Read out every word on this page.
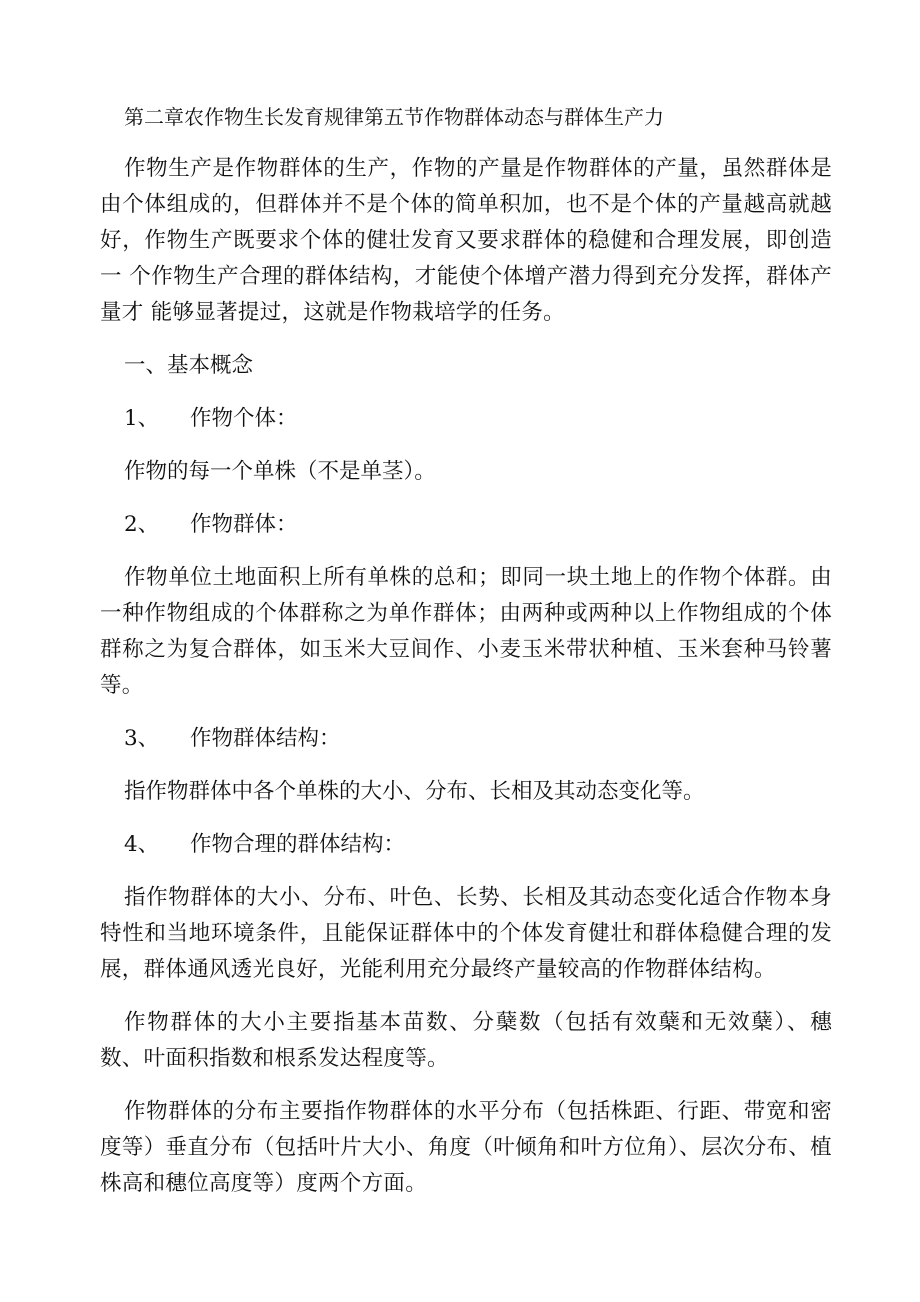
第二章农作物生长发育规律第五节作物群体动态与群体生产力

作物生产是作物群体的生产，作物的产量是作物群体的产量，虽然群体是由个体组成的，但群体并不是个体的简单积加，也不是个体的产量越高就越 好，作物生产既要求个体的健壮发育又要求群体的稳健和合理发展，即创造一 个作物生产合理的群体结构，才能使个体增产潜力得到充分发挥，群体产量才 能够显著提过，这就是作物栽培学的任务。

一、基本概念
1、 作物个体：
作物的每一个单株（不是单茎）。
2、 作物群体：

作物单位土地面积上所有单株的总和；即同一块土地上的作物个体群。由一种作物组成的个体群称之为单作群体；由两种或两种以上作物组成的个体群称之为复合群体，如玉米大豆间作、小麦玉米带状种植、玉米套种马铃薯等。

3、 作物群体结构：
指作物群体中各个单株的大小、分布、长相及其动态变化等。
4、 作物合理的群体结构：

指作物群体的大小、分布、叶色、长势、长相及其动态变化适合作物本身特性和当地环境条件，且能保证群体中的个体发育健壮和群体稳健合理的发 展，群体通风透光良好，光能利用充分最终产量较高的作物群体结构。

作物群体的大小主要指基本苗数、分蘖数（包括有效蘖和无效蘖）、穗 数、叶面积指数和根系发达程度等。

作物群体的分布主要指作物群体的水平分布（包括株距、行距、带宽和密度等）垂直分布（包括叶片大小、角度（叶倾角和叶方位角）、层次分布、植株高和穗位高度等）度两个方面。
